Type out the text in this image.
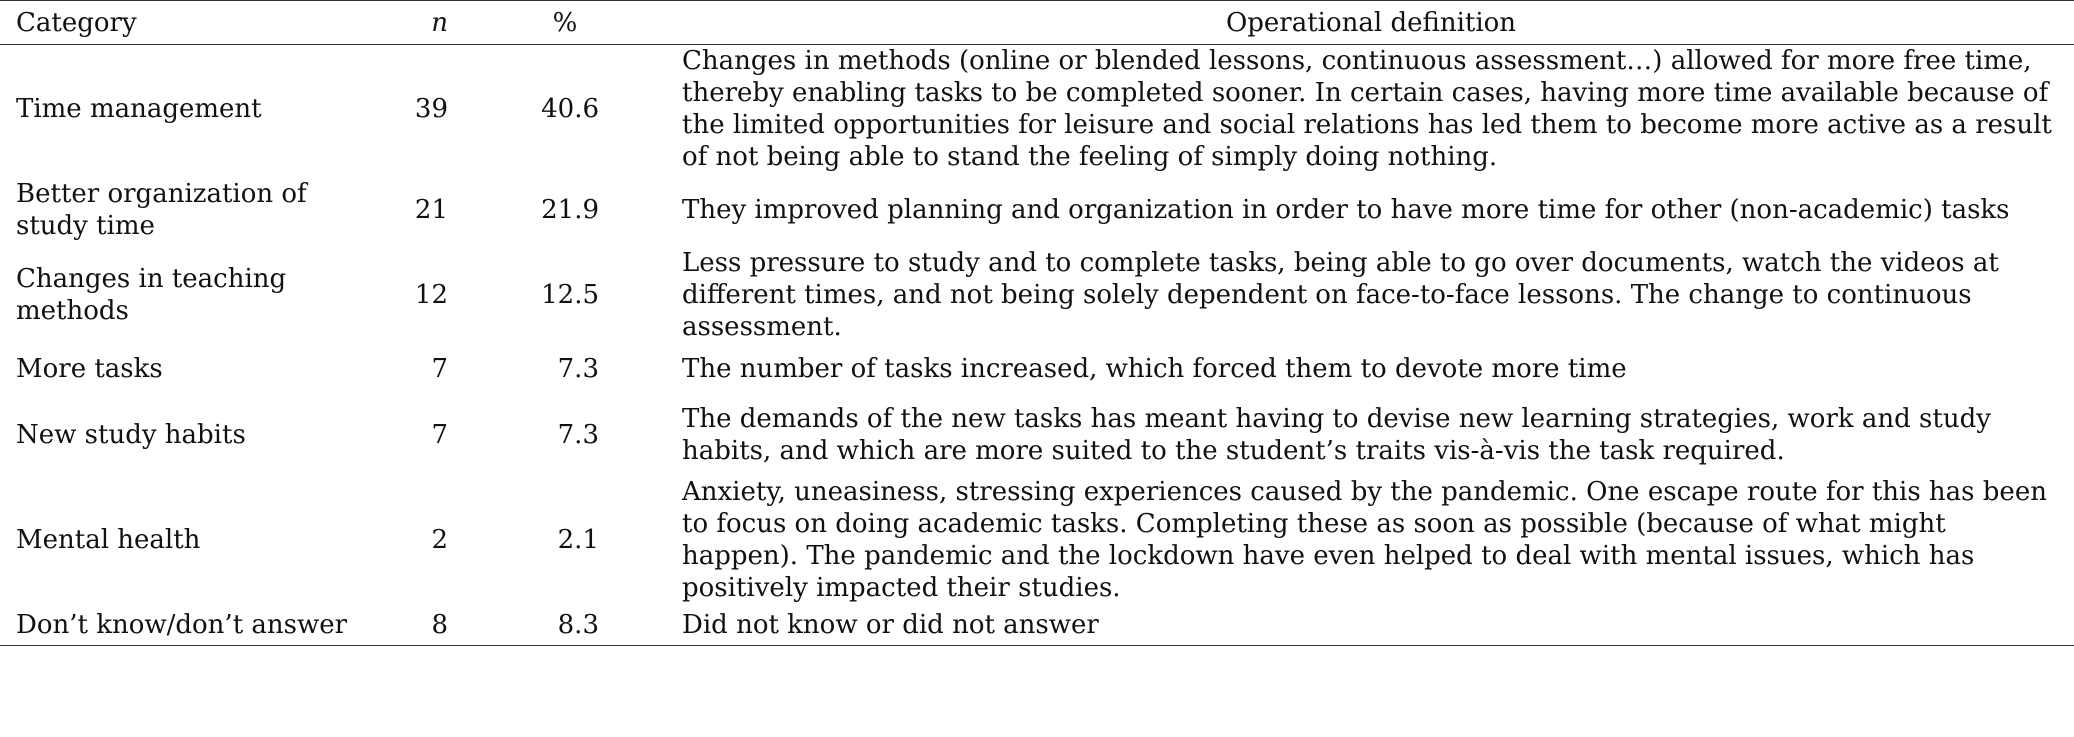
Category	n	%	Operational definition
Time management	39	40.6	Changes in methods (online or blended lessons, continuous assessment…) allowed for more free time, thereby enabling tasks to be completed sooner. In certain cases, having more time available because of the limited opportunities for leisure and social relations has led them to become more active as a result of not being able to stand the feeling of simply doing nothing.
Better organization of study time	21	21.9	They improved planning and organization in order to have more time for other (non-academic) tasks
Changes in teaching methods	12	12.5	Less pressure to study and to complete tasks, being able to go over documents, watch the videos at different times, and not being solely dependent on face-to-face lessons. The change to continuous assessment.
More tasks	7	7.3	The number of tasks increased, which forced them to devote more time
New study habits	7	7.3	The demands of the new tasks has meant having to devise new learning strategies, work and study habits, and which are more suited to the student’s traits vis-à-vis the task required.
Mental health	2	2.1	Anxiety, uneasiness, stressing experiences caused by the pandemic. One escape route for this has been to focus on doing academic tasks. Completing these as soon as possible (because of what might happen). The pandemic and the lockdown have even helped to deal with mental issues, which has positively impacted their studies.
Don’t know/don’t answer	8	8.3	Did not know or did not answer
